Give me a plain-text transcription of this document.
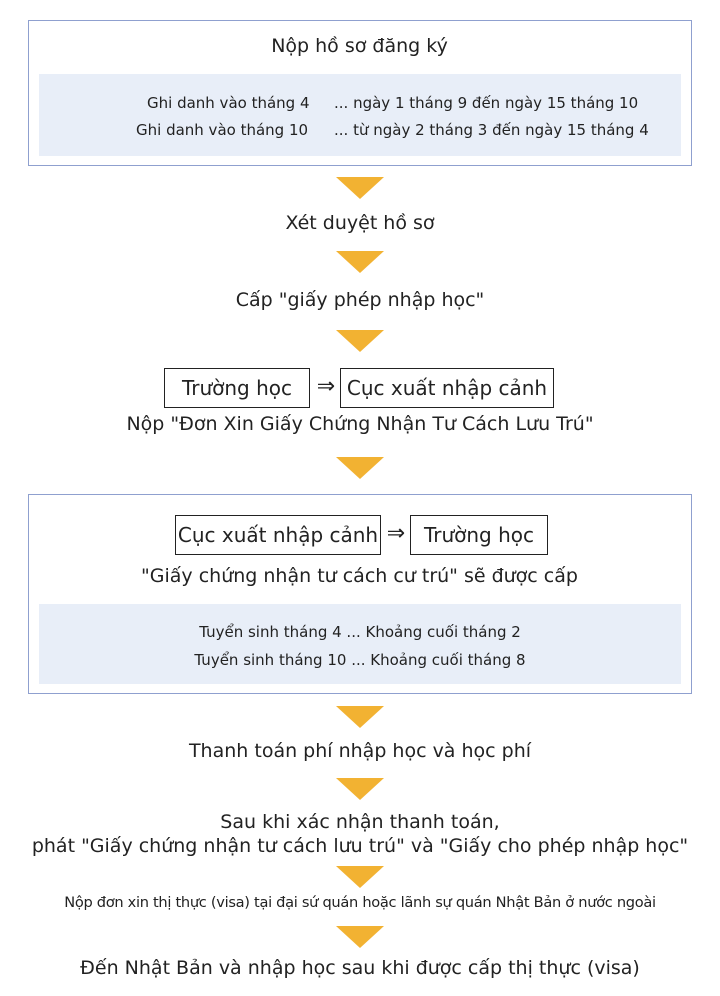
Nộp hồ sơ đăng ký
Ghi danh vào tháng 4 ... ngày 1 tháng 9 đến ngày 15 tháng 10
Ghi danh vào tháng 10 ... từ ngày 2 tháng 3 đến ngày 15 tháng 4
Xét duyệt hồ sơ
Cấp "giấy phép nhập học"
Trường học	⇒ Cục xuất nhập cảnh
Nộp "Đơn Xin Giấy Chứng Nhận Tư Cách Lưu Trú"
Cục xuất nhập cảnh ⇒ Trường học
"Giấy chứng nhận tư cách cư trú" sẽ được cấp
Tuyển sinh tháng 4 ... Khoảng cuối tháng 2
Tuyển sinh tháng 10 ... Khoảng cuối tháng 8
Thanh toán phí nhập học và học phí
Sau khi xác nhận thanh toán,
phát "Giấy chứng nhận tư cách lưu trú" và "Giấy cho phép nhập học"
Nộp đơn xin thị thực (visa) tại đại sứ quán hoặc lãnh sự quán Nhật Bản ở nước ngoài
Đến Nhật Bản và nhập học sau khi được cấp thị thực (visa)
